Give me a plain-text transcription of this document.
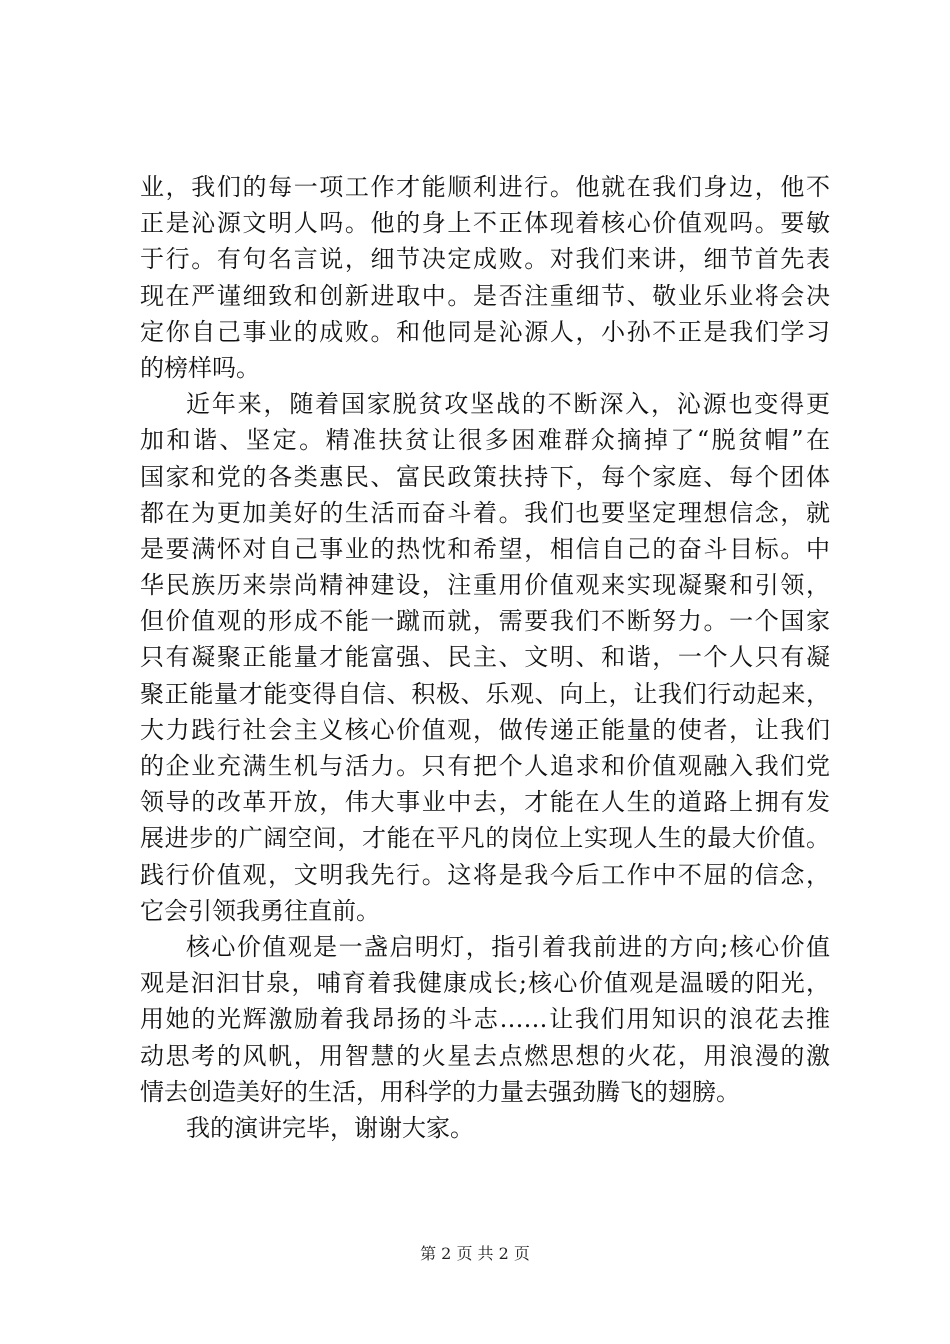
业，我们的每一项工作才能顺利进行。他就在我们身边，他不
正是沁源文明人吗。他的身上不正体现着核心价值观吗。要敏
于行。有句名言说，细节决定成败。对我们来讲，细节首先表
现在严谨细致和创新进取中。是否注重细节、敬业乐业将会决
定你自己事业的成败。和他同是沁源人，小孙不正是我们学习
的榜样吗。
近年来，随着国家脱贫攻坚战的不断深入，沁源也变得更
加和谐、坚定。精准扶贫让很多困难群众摘掉了“脱贫帽”在
国家和党的各类惠民、富民政策扶持下，每个家庭、每个团体
都在为更加美好的生活而奋斗着。我们也要坚定理想信念，就
是要满怀对自己事业的热忱和希望，相信自己的奋斗目标。中
华民族历来崇尚精神建设，注重用价值观来实现凝聚和引领，
但价值观的形成不能一蹴而就，需要我们不断努力。一个国家
只有凝聚正能量才能富强、民主、文明、和谐，一个人只有凝
聚正能量才能变得自信、积极、乐观、向上，让我们行动起来，
大力践行社会主义核心价值观，做传递正能量的使者，让我们
的企业充满生机与活力。只有把个人追求和价值观融入我们党
领导的改革开放，伟大事业中去，才能在人生的道路上拥有发
展进步的广阔空间，才能在平凡的岗位上实现人生的最大价值。
践行价值观，文明我先行。这将是我今后工作中不屈的信念，
它会引领我勇往直前。
核心价值观是一盏启明灯，指引着我前进的方向;核心价值
观是汩汩甘泉，哺育着我健康成长;核心价值观是温暖的阳光，
用她的光辉激励着我昂扬的斗志……让我们用知识的浪花去推
动思考的风帆，用智慧的火星去点燃思想的火花，用浪漫的激
情去创造美好的生活，用科学的力量去强劲腾飞的翅膀。
我的演讲完毕，谢谢大家。
第 2 页 共 2 页
